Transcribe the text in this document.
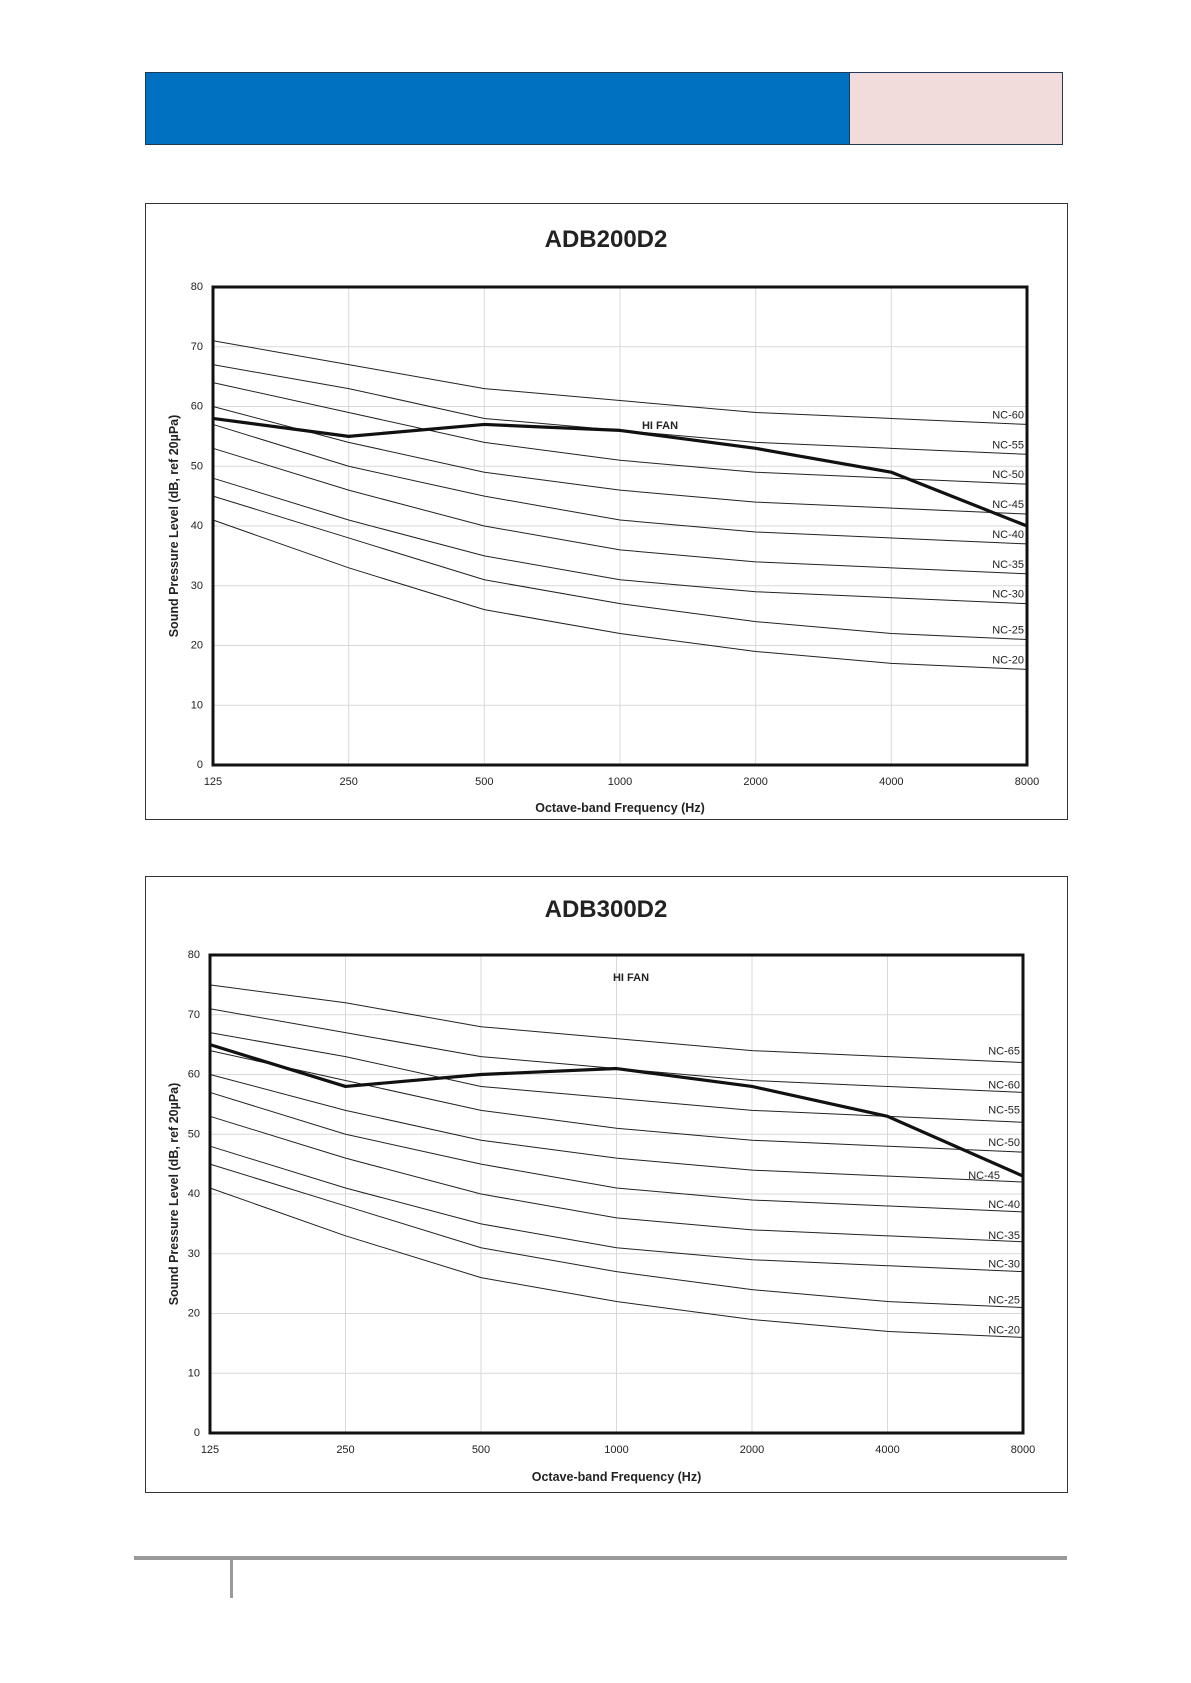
ADB200D2
0
10
20
30
40
50
60
70
80
125	250	500	1000	2000	4000	8000
Octave-band Frequency (Hz)
Sound Pressure Level (dB, ref 20µPa)	NC-60
NC-55
NC-50
NC-45
NC-40
NC-35
NC-30
NC-25
NC-20
HI FAN
ADB300D2
0
10
20
30
40
50
60
70
80
125	250	500	1000	2000	4000	8000
Octave-band Frequency (Hz)
Sound Pressure Level (dB, ref 20µPa)
NC-65
NC-60
NC-55
NC-50
NC-45
NC-40
NC-35
NC-30
NC-25
NC-20
HI FAN
